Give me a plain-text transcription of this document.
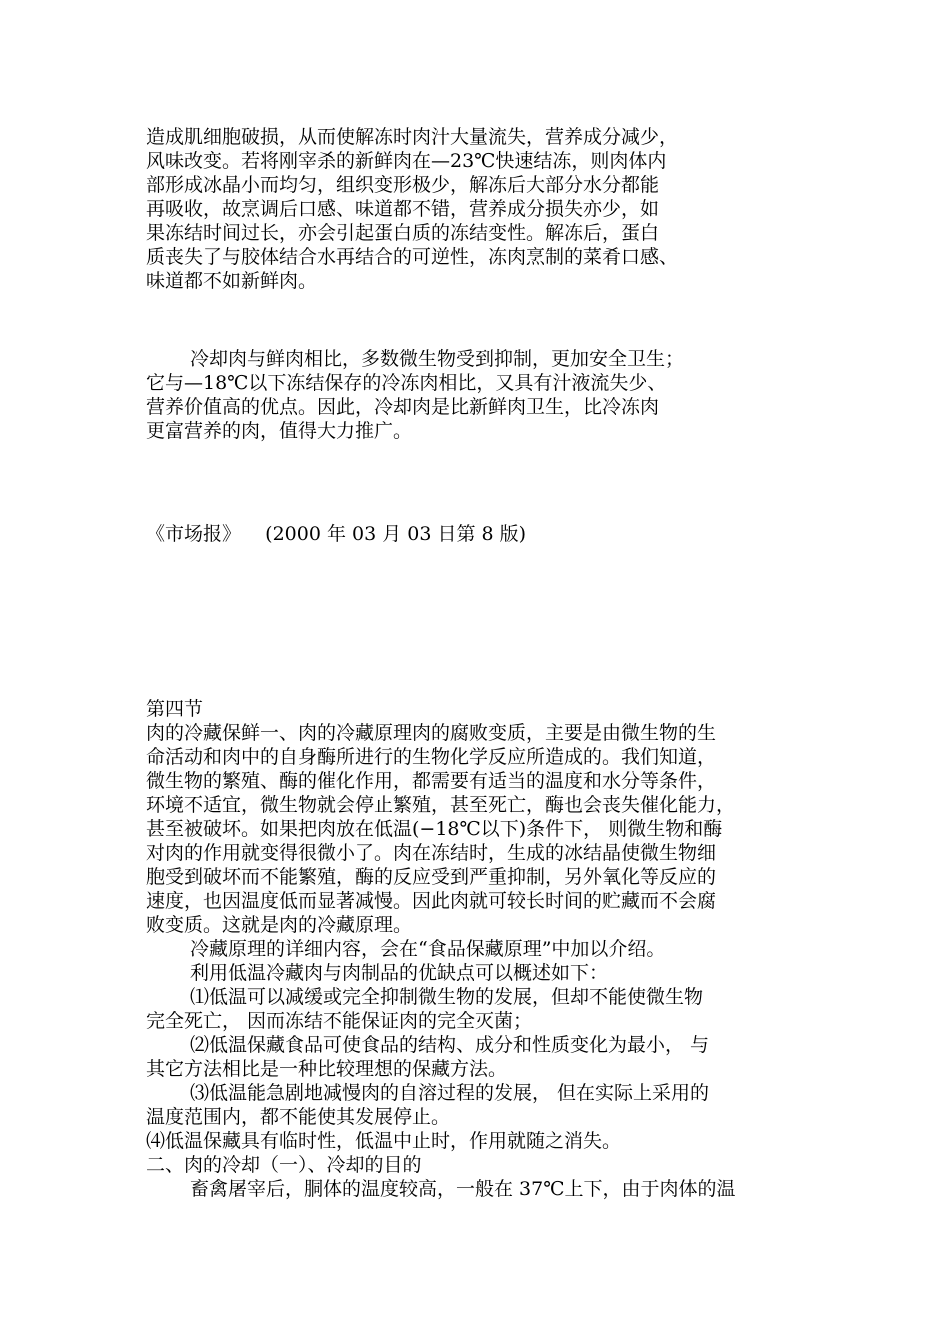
造成肌细胞破损，从而使解冻时肉汁大量流失，营养成分减少，
风味改变。若将刚宰杀的新鲜肉在—23℃快速结冻，则肉体内
部形成冰晶小而均匀，组织变形极少，解冻后大部分水分都能
再吸收，故烹调后口感、味道都不错，营养成分损失亦少，如
果冻结时间过长，亦会引起蛋白质的冻结变性。解冻后，蛋白
质丧失了与胶体结合水再结合的可逆性，冻肉烹制的菜肴口感、
味道都不如新鲜肉。
冷却肉与鲜肉相比，多数微生物受到抑制，更加安全卫生；
它与—18℃以下冻结保存的冷冻肉相比，又具有汁液流失少、
营养价值高的优点。因此，冷却肉是比新鲜肉卫生，比冷冻肉
更富营养的肉，值得大力推广。
《市场报》    (2000 年 03 月 03 日第 8 版)
第四节
肉的冷藏保鲜一、肉的冷藏原理肉的腐败变质，主要是由微生物的生
命活动和肉中的自身酶所进行的生物化学反应所造成的。我们知道，
微生物的繁殖、酶的催化作用，都需要有适当的温度和水分等条件，
环境不适宜，微生物就会停止繁殖，甚至死亡，酶也会丧失催化能力，
甚至被破坏。如果把肉放在低温(−18℃以下)条件下， 则微生物和酶
对肉的作用就变得很微小了。肉在冻结时，生成的冰结晶使微生物细
胞受到破坏而不能繁殖，酶的反应受到严重抑制，另外氧化等反应的
速度，也因温度低而显著减慢。因此肉就可较长时间的贮藏而不会腐
败变质。这就是肉的冷藏原理。
冷藏原理的详细内容，会在“食品保藏原理”中加以介绍。
利用低温冷藏肉与肉制品的优缺点可以概述如下：
⑴低温可以减缓或完全抑制微生物的发展，但却不能使微生物
完全死亡， 因而冻结不能保证肉的完全灭菌；
⑵低温保藏食品可使食品的结构、成分和性质变化为最小， 与
其它方法相比是一种比较理想的保藏方法。
⑶低温能急剧地减慢肉的自溶过程的发展， 但在实际上采用的
温度范围内，都不能使其发展停止。
⑷低温保藏具有临时性，低温中止时，作用就随之消失。
二、肉的冷却（一）、冷却的目的
畜禽屠宰后，胴体的温度较高，一般在 37℃上下，由于肉体的温
